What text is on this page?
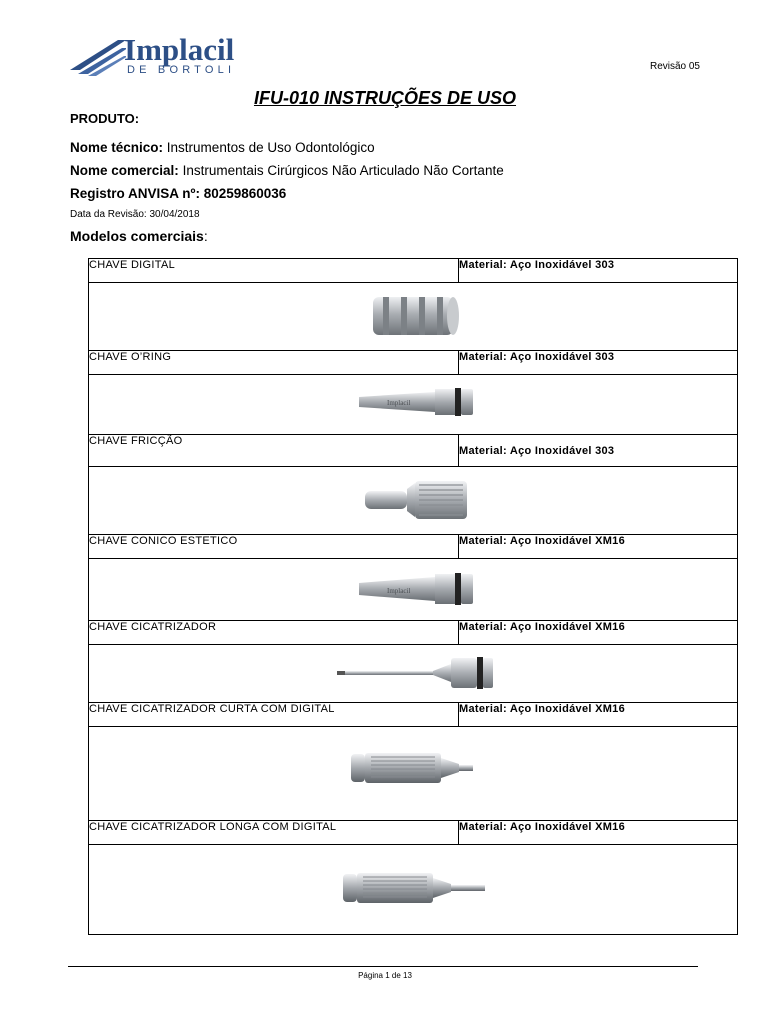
Implacil
DE BORTOLI	Revisão 05
IFU-010 INSTRUÇÕES DE USO
PRODUTO:
Nome técnico: Instrumentos de Uso Odontológico
Nome comercial: Instrumentais Cirúrgicos Não Articulado Não Cortante
Registro ANVISA nº: 80259860036
Data da Revisão: 30/04/2018
Modelos comerciais:
CHAVE DIGITAL	Material: Aço Inoxidável 303

CHAVE O’RING	Material: Aço Inoxidável 303

Implacil	

CHAVE FRICÇÃO	Material: Aço Inoxidável 303

CHAVE CONICO ESTETICO	Material: Aço Inoxidável XM16

Implacil	

CHAVE CICATRIZADOR	Material: Aço Inoxidável XM16

CHAVE CICATRIZADOR CURTA COM DIGITAL	Material: Aço Inoxidável XM16

CHAVE CICATRIZADOR LONGA COM DIGITAL	Material: Aço Inoxidável XM16

Página 1 de 13
